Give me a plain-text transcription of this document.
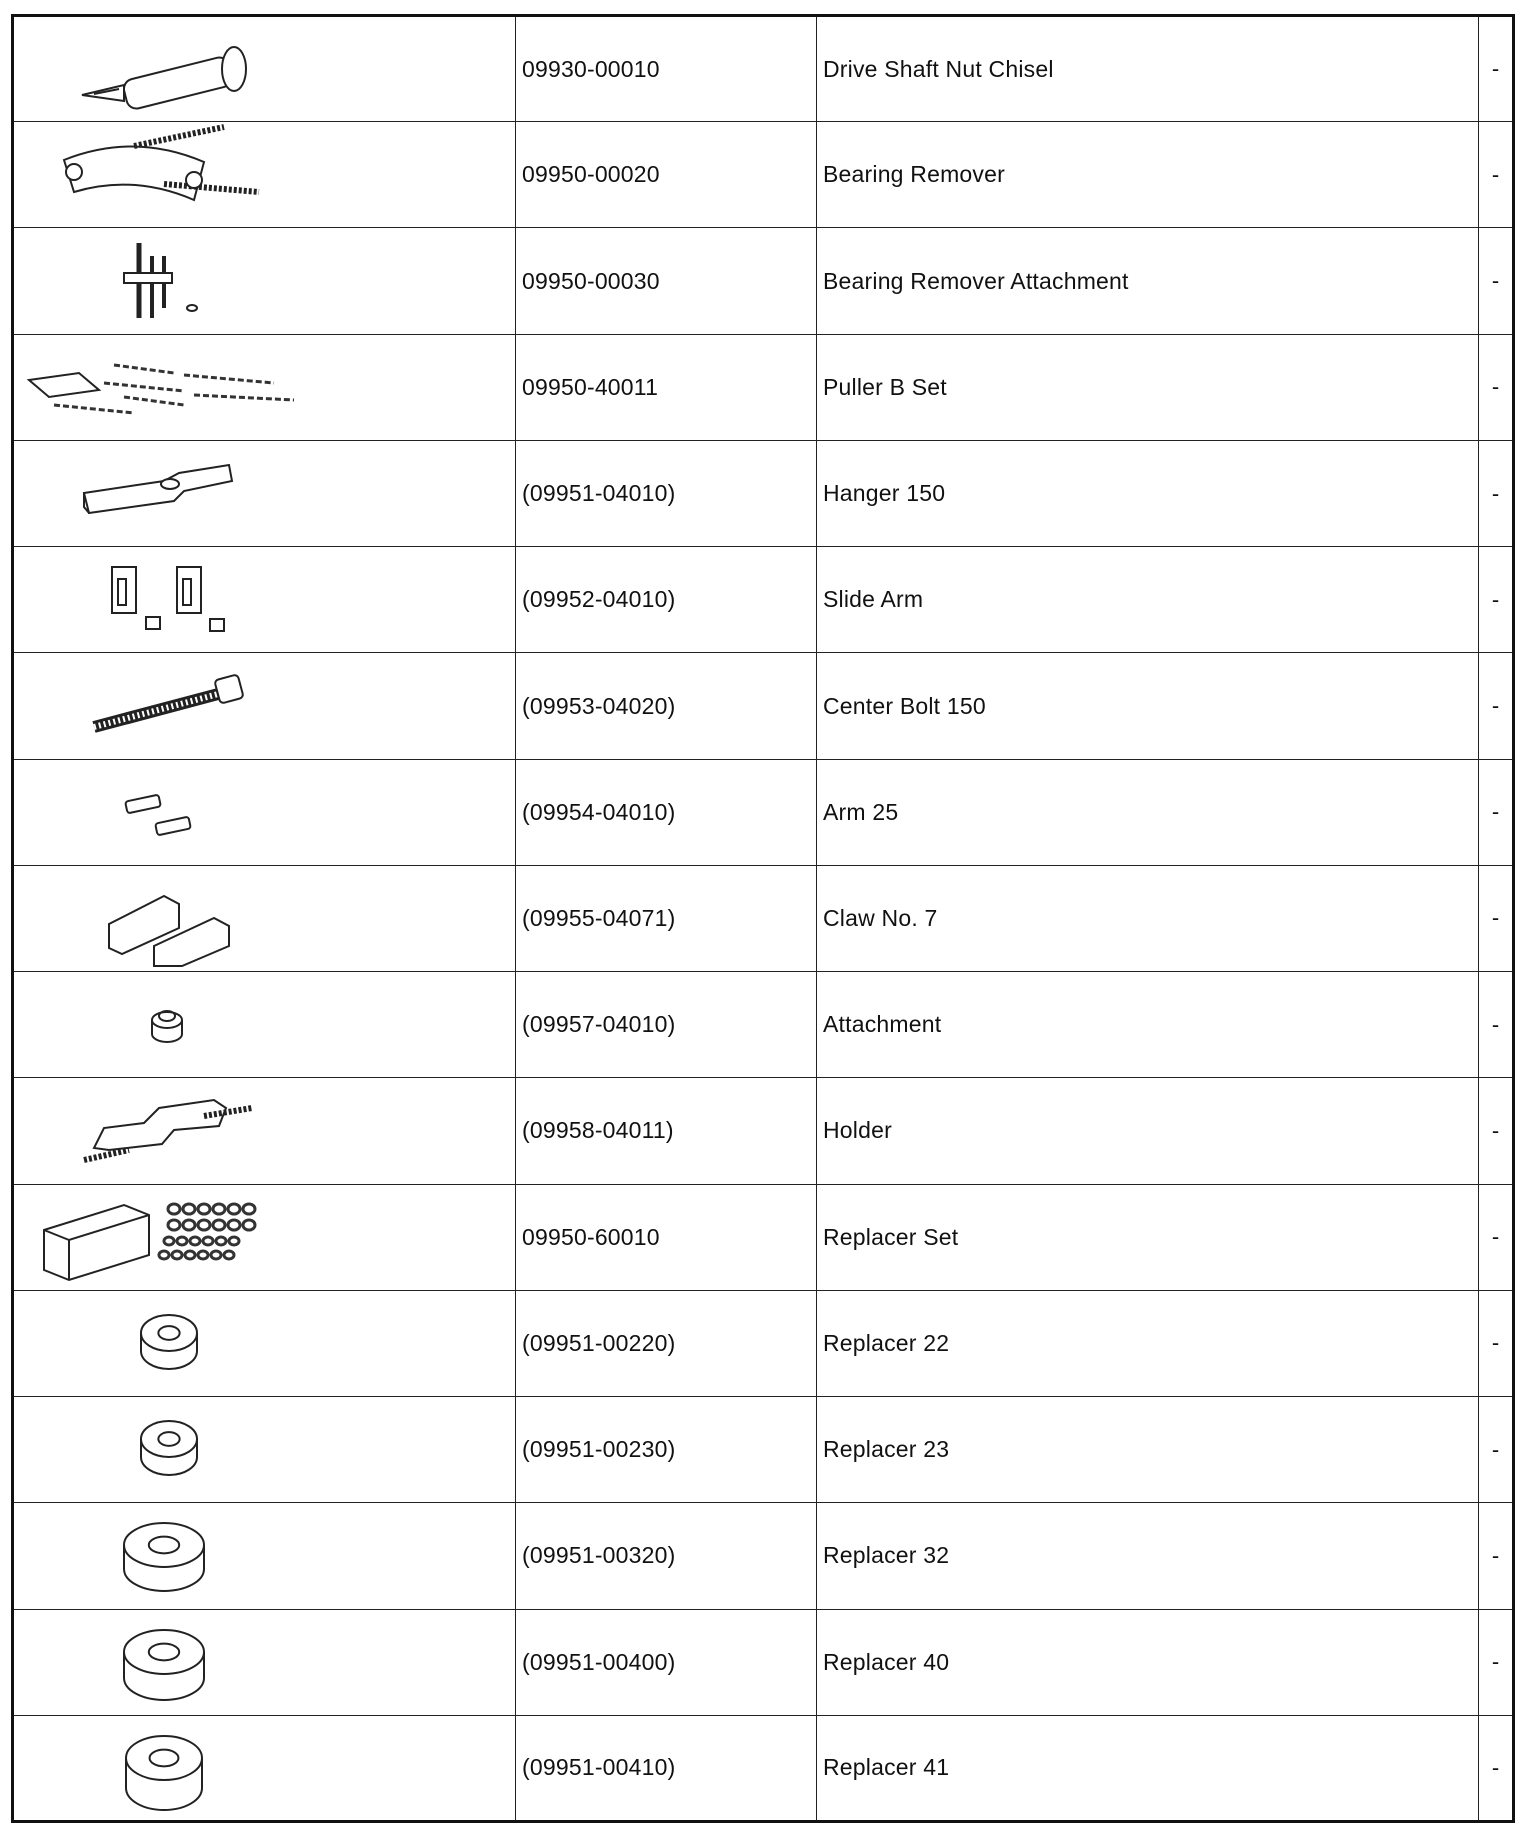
09930-00010	Drive Shaft Nut Chisel	-

09950-00020	Bearing Remover	-

09950-00030	Bearing Remover Attachment	-

09950-40011	Puller B Set	-

(09951-04010)	Hanger 150	-

(09952-04010)	Slide Arm	-

(09953-04020)	Center Bolt 150	-

(09954-04010)	Arm 25	-

(09955-04071)	Claw No. 7	-

(09957-04010)	Attachment	-

(09958-04011)	Holder	-

09950-60010	Replacer Set	-

(09951-00220)	Replacer 22	-

(09951-00230)	Replacer 23	-

(09951-00320)	Replacer 32	-

(09951-00400)	Replacer 40	-

(09951-00410)	Replacer 41	-
